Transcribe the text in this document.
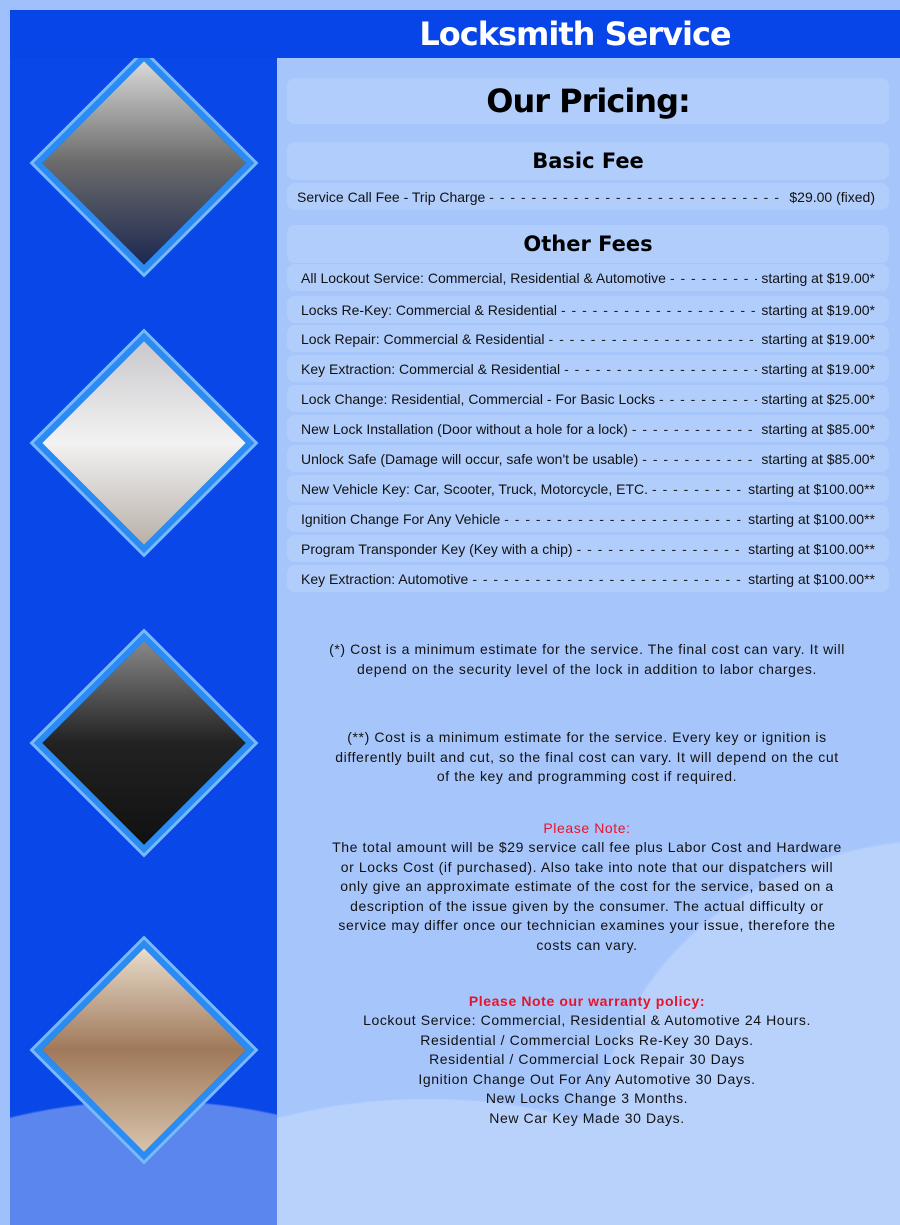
Locksmith Service
Our Pricing:
Basic Fee
Service Call Fee - Trip Charge - - -	$29.00 (fixed)
Other Fees
All Lockout Service: Commercial, Residential & Automotive - - -	starting at $19.00*
Locks Re-Key: Commercial & Residential - - -	starting at $19.00*
Lock Repair: Commercial & Residential - - -	starting at $19.00*
Key Extraction: Commercial & Residential - - -	starting at $19.00*
Lock Change: Residential, Commercial - For Basic Locks - - -	starting at $25.00*
New Lock Installation (Door without a hole for a lock) - - -	starting at $85.00*
Unlock Safe (Damage will occur, safe won't be usable) - - -	starting at $85.00*
New Vehicle Key: Car, Scooter, Truck, Motorcycle, ETC. - - -	starting at $100.00**
Ignition Change For Any Vehicle - - -	starting at $100.00**
Program Transponder Key (Key with a chip) - - -	starting at $100.00**
Key Extraction: Automotive - - -	starting at $100.00**
(*) Cost is a minimum estimate for the service. The final cost can vary. It will depend on the security level of the lock in addition to labor charges.
(**) Cost is a minimum estimate for the service. Every key or ignition is differently built and cut, so the final cost can vary. It will depend on the cut of the key and programming cost if required.
Please Note:
The total amount will be $29 service call fee plus Labor Cost and Hardware or Locks Cost (if purchased). Also take into note that our dispatchers will only give an approximate estimate of the cost for the service, based on a description of the issue given by the consumer. The actual difficulty or service may differ once our technician examines your issue, therefore the costs can vary.
Please Note our warranty policy:
Lockout Service: Commercial, Residential & Automotive 24 Hours.
Residential / Commercial Locks Re-Key 30 Days.
Residential / Commercial Lock Repair 30 Days
Ignition Change Out For Any Automotive 30 Days.
New Locks Change 3 Months.
New Car Key Made 30 Days.
